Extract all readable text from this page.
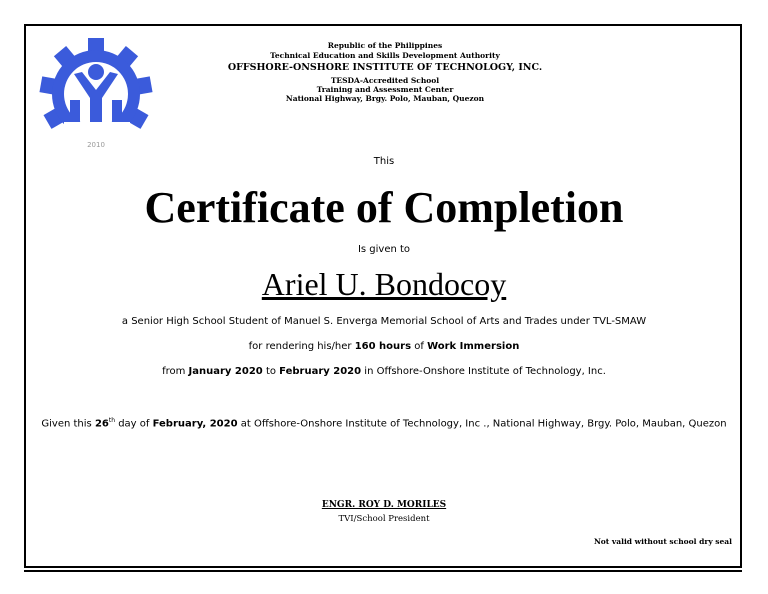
2010
Republic of the Philippines
Technical Education and Skills Development Authority
OFFSHORE-ONSHORE INSTITUTE OF TECHNOLOGY, INC.
TESDA-Accredited School
Training and Assessment Center
National Highway, Brgy. Polo, Mauban, Quezon
This
Certificate of Completion
Is given to
Ariel U. Bondocoy
a Senior High School Student of Manuel S. Enverga Memorial School of Arts and Trades under TVL-SMAW
for rendering his/her 160 hours of Work Immersion
from January 2020 to February 2020 in Offshore-Onshore Institute of Technology, Inc.
Given this 26th day of February, 2020 at Offshore-Onshore Institute of Technology, Inc ., National Highway, Brgy. Polo, Mauban, Quezon
ENGR. ROY D. MORILES
TVI/School President
Not valid without school dry seal
